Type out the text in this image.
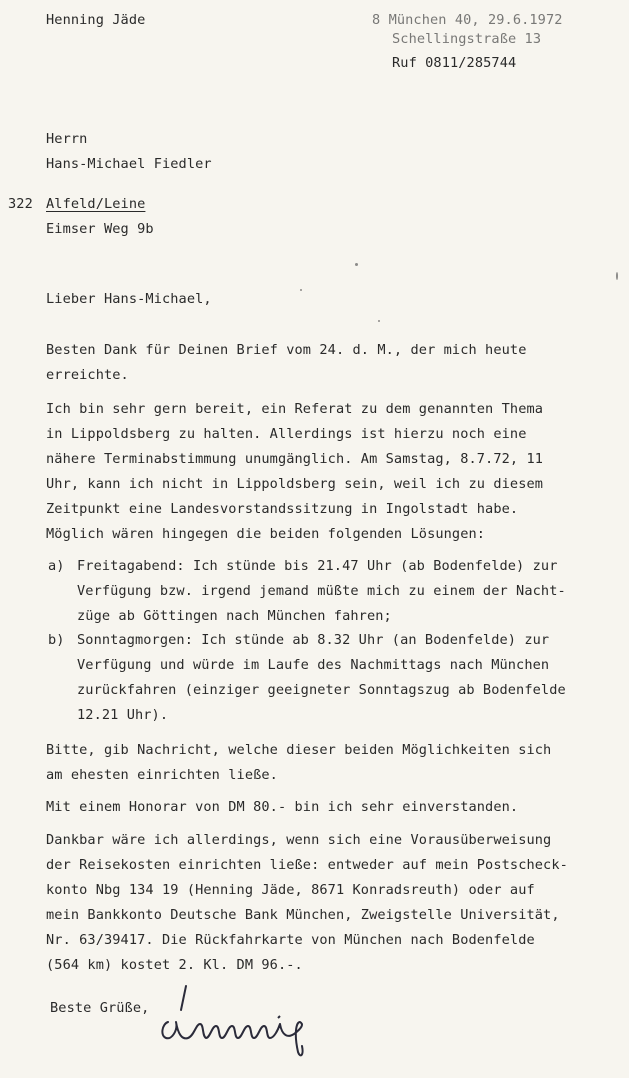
Henning Jäde	8 München 40, 29.6.1972
Schellingstraße 13
Ruf 0811/285744
Herrn
Hans-Michael Fiedler
322 Alfeld/Leine
Eimser Weg 9b
Lieber Hans-Michael,
Besten Dank für Deinen Brief vom 24. d. M., der mich heute
erreichte.
Ich bin sehr gern bereit, ein Referat zu dem genannten Thema
in Lippoldsberg zu halten. Allerdings ist hierzu noch eine
nähere Terminabstimmung unumgänglich. Am Samstag, 8.7.72, 11
Uhr, kann ich nicht in Lippoldsberg sein, weil ich zu diesem
Zeitpunkt eine Landesvorstandssitzung in Ingolstadt habe.
Möglich wären hingegen die beiden folgenden Lösungen:
a) Freitagabend: Ich stünde bis 21.47 Uhr (ab Bodenfelde) zur
Verfügung bzw. irgend jemand müßte mich zu einem der Nacht-
züge ab Göttingen nach München fahren;
b) Sonntagmorgen: Ich stünde ab 8.32 Uhr (an Bodenfelde) zur
Verfügung und würde im Laufe des Nachmittags nach München
zurückfahren (einziger geeigneter Sonntagszug ab Bodenfelde
12.21 Uhr).
Bitte, gib Nachricht, welche dieser beiden Möglichkeiten sich
am ehesten einrichten ließe.
Mit einem Honorar von DM 80.- bin ich sehr einverstanden.
Dankbar wäre ich allerdings, wenn sich eine Vorausüberweisung
der Reisekosten einrichten ließe: entweder auf mein Postscheck-
konto Nbg 134 19 (Henning Jäde, 8671 Konradsreuth) oder auf
mein Bankkonto Deutsche Bank München, Zweigstelle Universität,
Nr. 63/39417. Die Rückfahrkarte von München nach Bodenfelde
(564 km) kostet 2. Kl. DM 96.-.
Beste Grüße,
